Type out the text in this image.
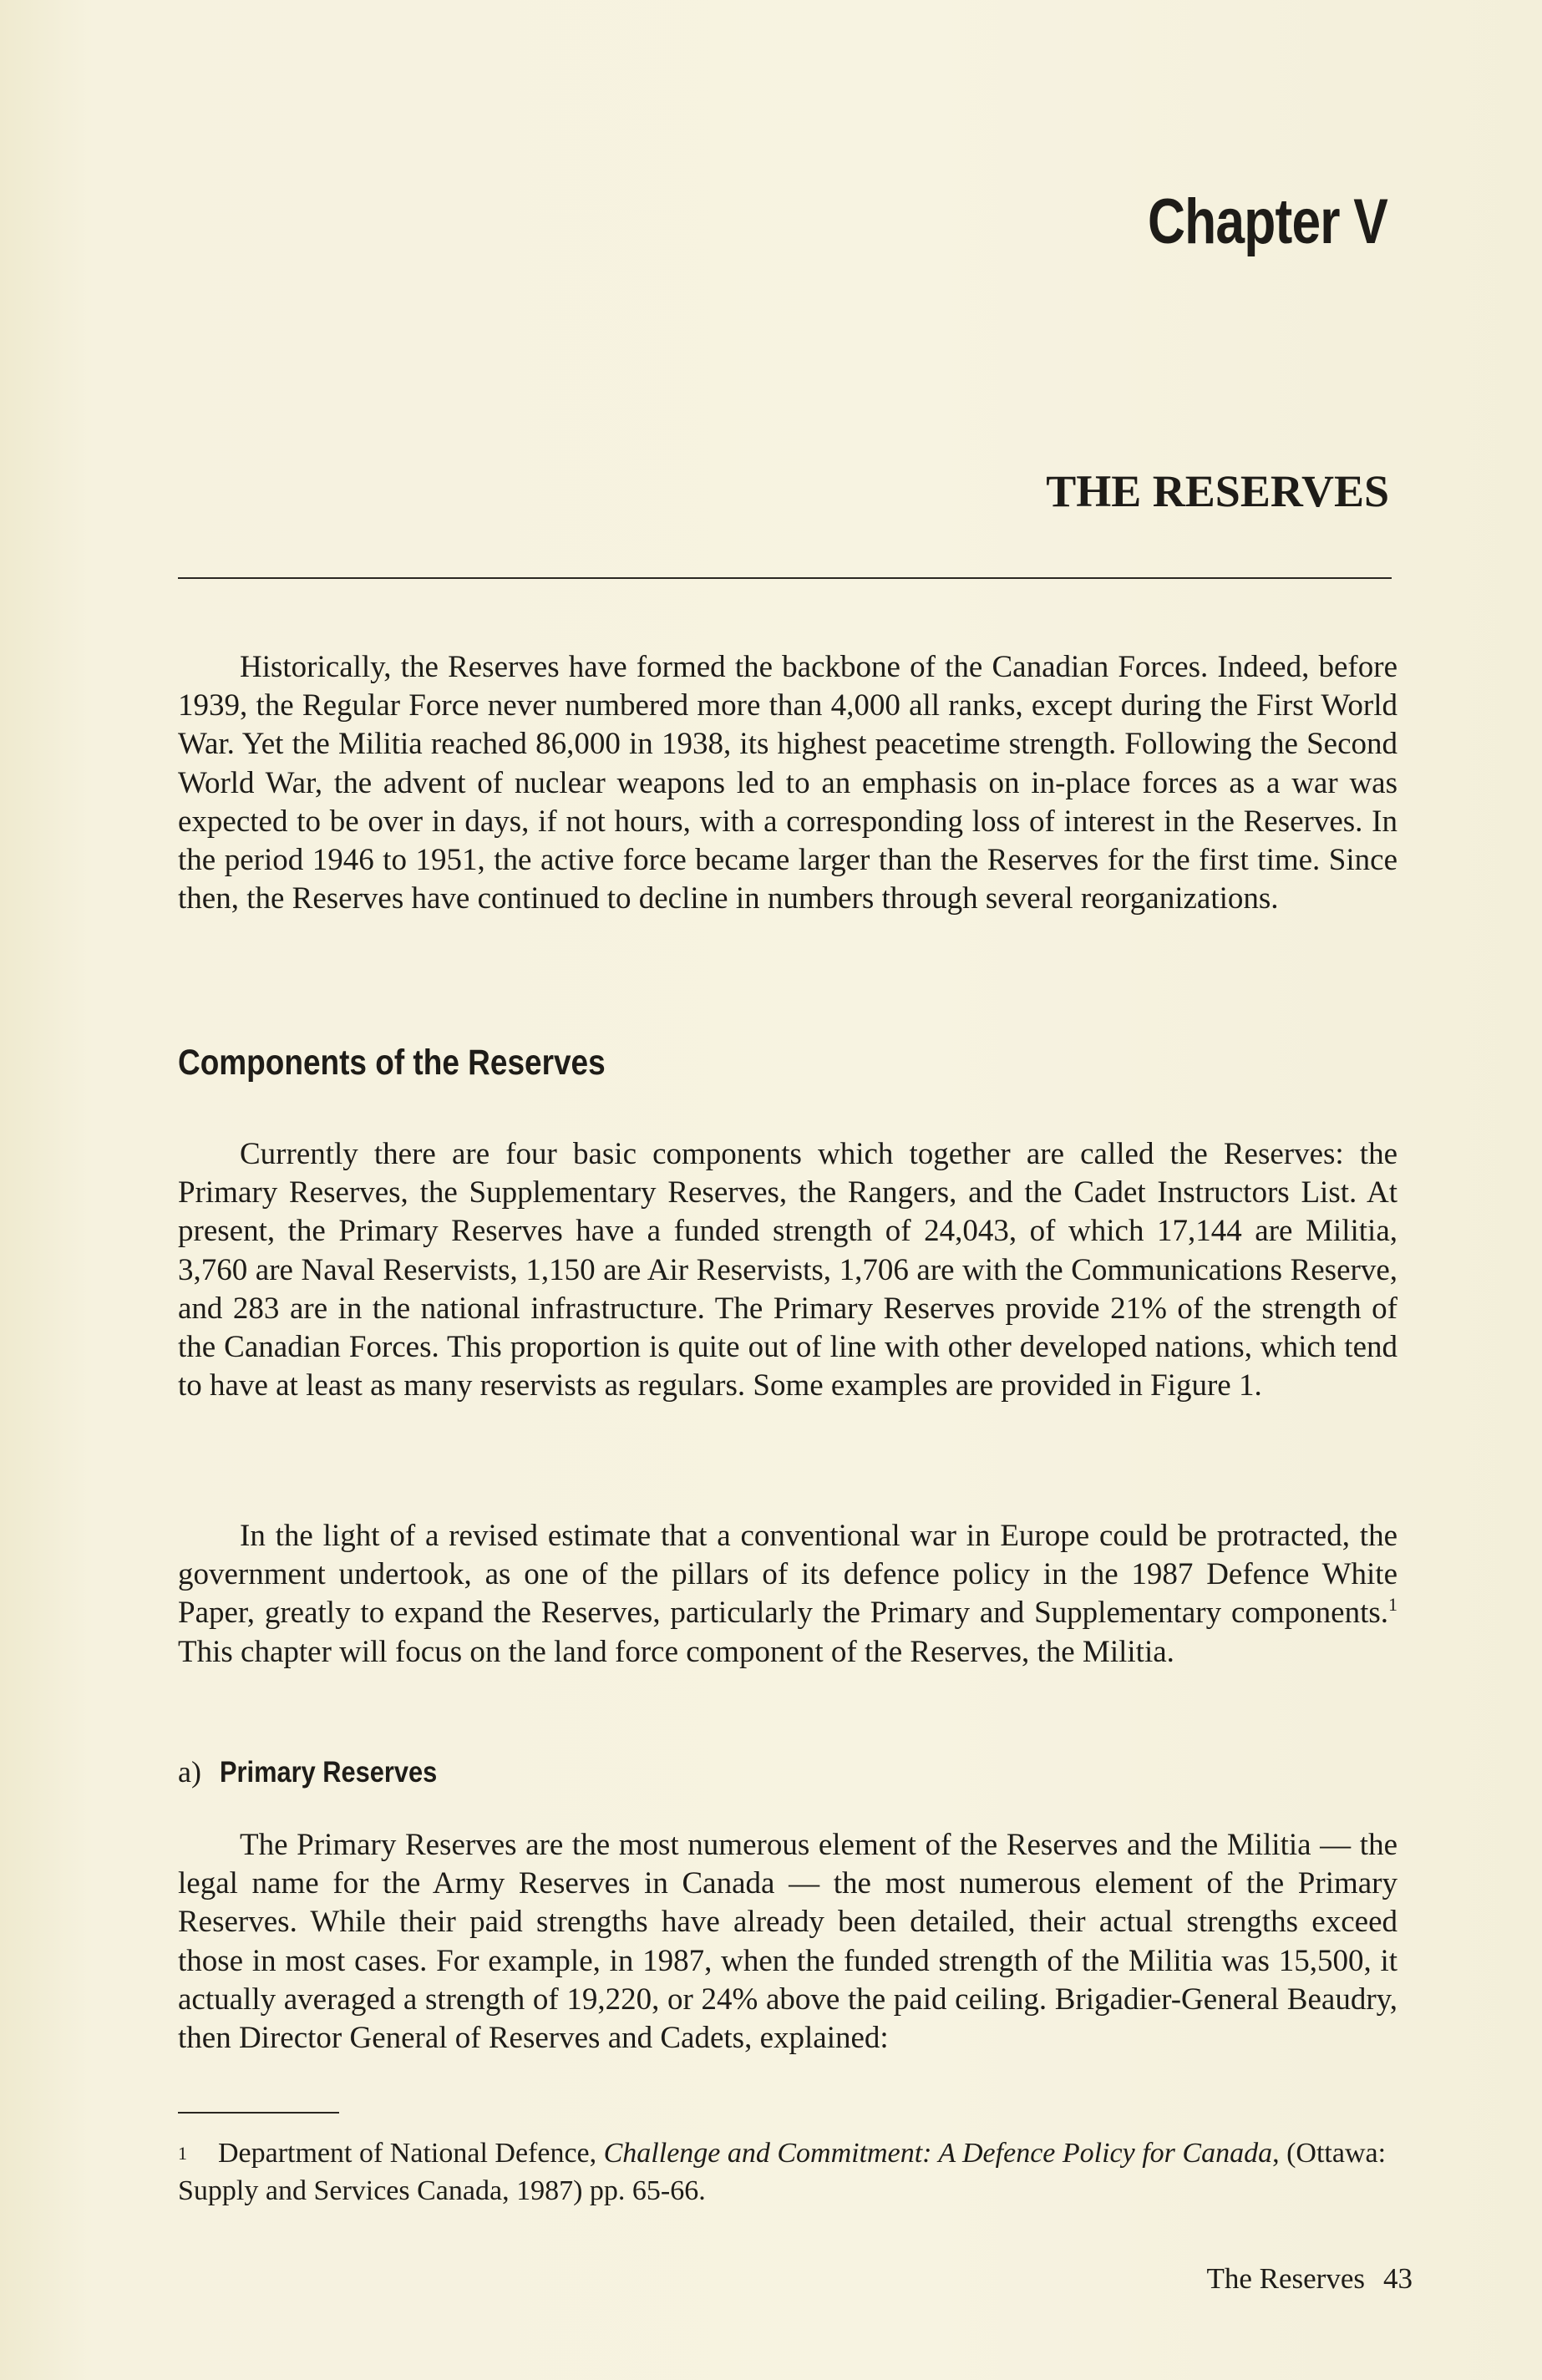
Chapter V
THE RESERVES

Historically, the Reserves have formed the backbone of the Canadian Forces. Indeed, before 1939, the Regular Force never numbered more than 4,000 all ranks, except during the First World War. Yet the Militia reached 86,000 in 1938, its highest peacetime strength. Following the Second World War, the advent of nuclear weapons led to an emphasis on in-place forces as a war was expected to be over in days, if not hours, with a corresponding loss of interest in the Reserves. In the period 1946 to 1951, the active force became larger than the Reserves for the first time. Since then, the Reserves have continued to decline in numbers through several reorganizations.

Components of the Reserves

Currently there are four basic components which together are called the Reserves: the Primary Reserves, the Supplementary Reserves, the Rangers, and the Cadet Instructors List. At present, the Primary Reserves have a funded strength of 24,043, of which 17,144 are Militia, 3,760 are Naval Reservists, 1,150 are Air Reservists, 1,706 are with the Communications Reserve, and 283 are in the national infrastructure. The Primary Reserves provide 21% of the strength of the Canadian Forces. This proportion is quite out of line with other developed nations, which tend to have at least as many reservists as regulars. Some examples are provided in Figure 1.

In the light of a revised estimate that a conventional war in Europe could be protracted, the government undertook, as one of the pillars of its defence policy in the 1987 Defence White Paper, greatly to expand the Reserves, particularly the Primary and Supplementary components.$^1$ This chapter will focus on the land force component of the Reserves, the Militia.

a) Primary Reserves

The Primary Reserves are the most numerous element of the Reserves and the Militia — the legal name for the Army Reserves in Canada — the most numerous element of the Primary Reserves. While their paid strengths have already been detailed, their actual strengths exceed those in most cases. For example, in 1987, when the funded strength of the Militia was 15,500, it actually averaged a strength of 19,220, or 24% above the paid ceiling. Brigadier-General Beaudry, then Director General of Reserves and Cadets, explained:

1 Department of National Defence, Challenge and Commitment: A Defence Policy for Canada, (Ottawa: Supply and Services Canada, 1987) pp. 65-66.

The Reserves 43
